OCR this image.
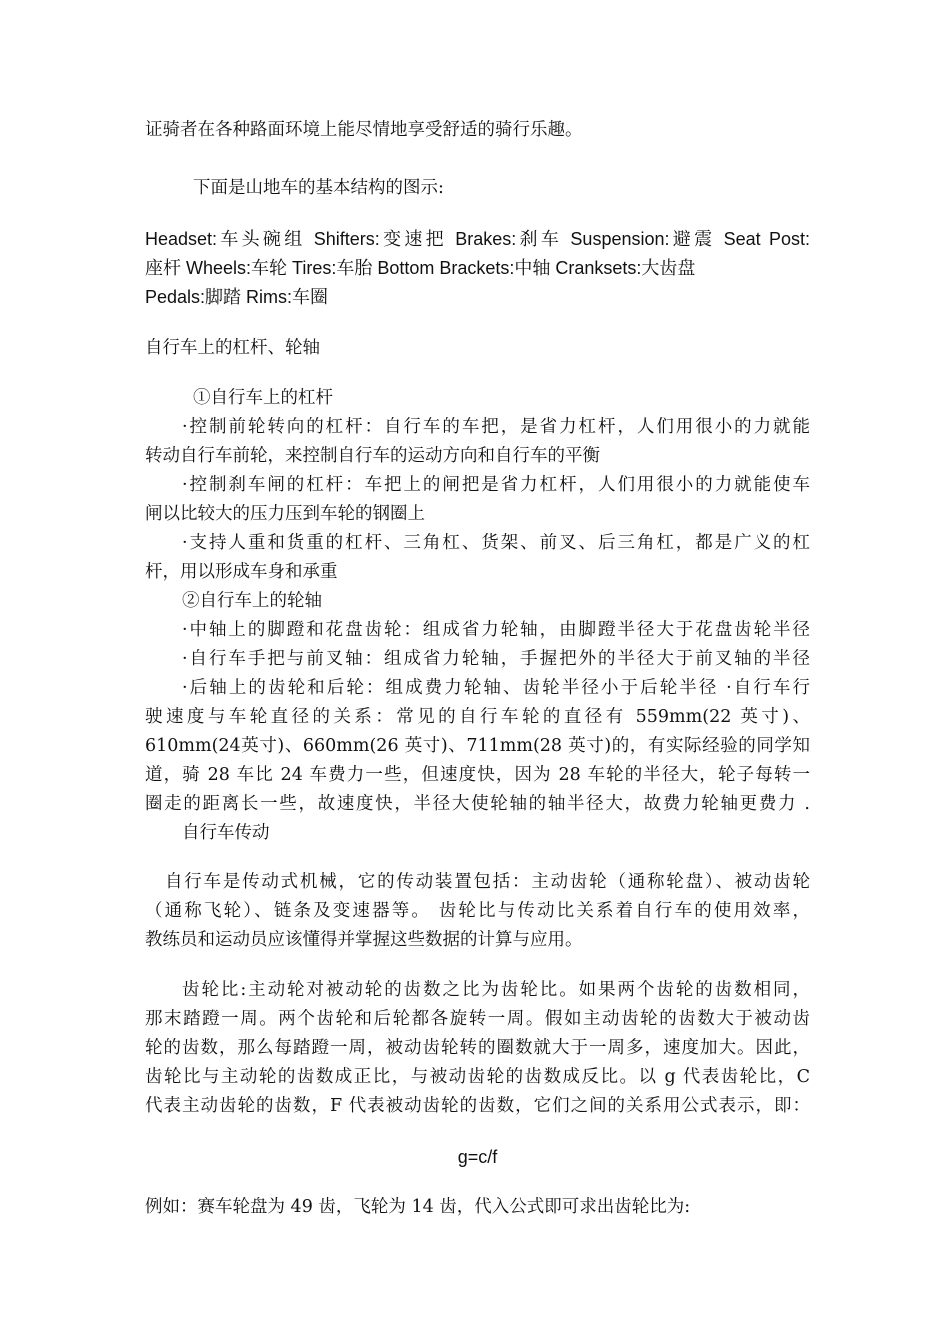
证骑者在各种路面环境上能尽情地享受舒适的骑行乐趣。

下面是山地车的基本结构的图示:

Headset:车头碗组 Shifters:变速把 Brakes:刹车 Suspension:避震 Seat Post:

座杆 Wheels:车轮 Tires:车胎 Bottom Brackets:中轴 Cranksets:大齿盘

Pedals:脚踏 Rims:车圈

自行车上的杠杆、轮轴

①自行车上的杠杆

·控制前轮转向的杠杆：自行车的车把，是省力杠杆，人们用很小的力就能

转动自行车前轮，来控制自行车的运动方向和自行车的平衡

·控制刹车闸的杠杆：车把上的闸把是省力杠杆，人们用很小的力就能使车

闸以比较大的压力压到车轮的钢圈上

·支持人重和货重的杠杆、三角杠、货架、前叉、后三角杠，都是广义的杠

杆，用以形成车身和承重

②自行车上的轮轴

·中轴上的脚蹬和花盘齿轮：组成省力轮轴，由脚蹬半径大于花盘齿轮半径

·自行车手把与前叉轴：组成省力轮轴，手握把外的半径大于前叉轴的半径

·后轴上的齿轮和后轮：组成费力轮轴、齿轮半径小于后轮半径 ·自行车行

驶速度与车轮直径的关系：常见的自行车轮的直径有 559mm(22 英寸)、

610mm(24英寸)、660mm(26 英寸)、711mm(28 英寸)的，有实际经验的同学知

道，骑 28 车比 24 车费力一些，但速度快，因为 28 车轮的半径大，轮子每转一

圈走的距离长一些，故速度快，半径大使轮轴的轴半径大，故费力轮轴更费力 .

自行车传动

自行车是传动式机械，它的传动装置包括：主动齿轮（通称轮盘）、被动齿轮

（通称飞轮）、链条及变速器等。 齿轮比与传动比关系着自行车的使用效率，

教练员和运动员应该懂得并掌握这些数据的计算与应用。

齿轮比:主动轮对被动轮的齿数之比为齿轮比。如果两个齿轮的齿数相同，

那末踏蹬一周。两个齿轮和后轮都各旋转一周。假如主动齿轮的齿数大于被动齿

轮的齿数，那么每踏蹬一周，被动齿轮转的圈数就大于一周多，速度加大。因此，

齿轮比与主动轮的齿数成正比，与被动齿轮的齿数成反比。以 g 代表齿轮比，C

代表主动齿轮的齿数，F 代表被动齿轮的齿数，它们之间的关系用公式表示，即：

g=c/f

例如：赛车轮盘为 49 齿，飞轮为 14 齿，代入公式即可求出齿轮比为:
